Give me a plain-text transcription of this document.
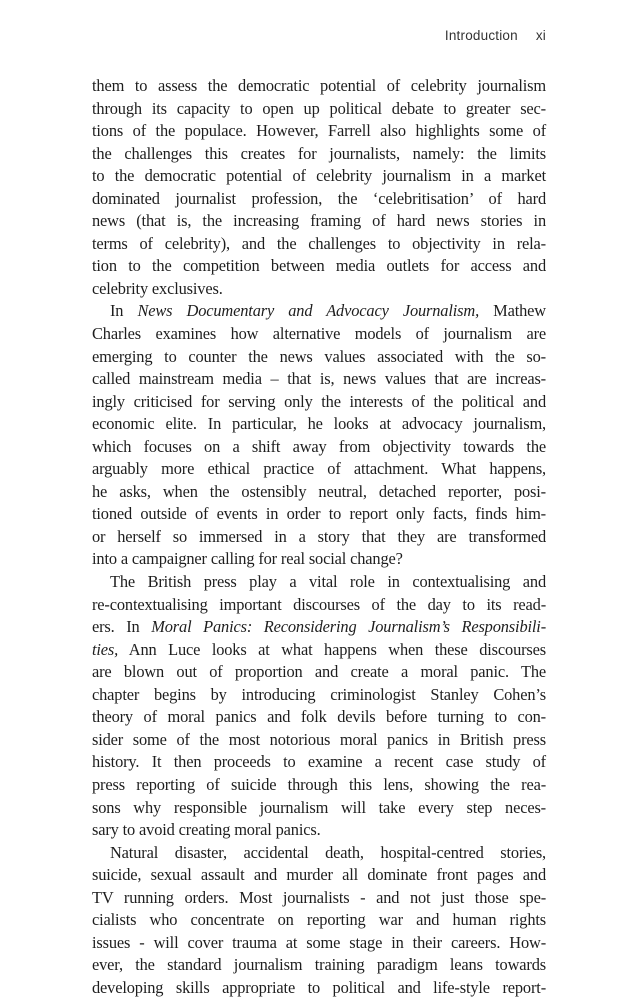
Introduction xi
them to assess the democratic potential of celebrity journalism
through its capacity to open up political debate to greater sec-
tions of the populace. However, Farrell also highlights some of
the challenges this creates for journalists, namely: the limits
to the democratic potential of celebrity journalism in a market
dominated journalist profession, the ‘celebritisation’ of hard
news (that is, the increasing framing of hard news stories in
terms of celebrity), and the challenges to objectivity in rela-
tion to the competition between media outlets for access and
celebrity exclusives.
In News Documentary and Advocacy Journalism, Mathew
Charles examines how alternative models of journalism are
emerging to counter the news values associated with the so-
called mainstream media – that is, news values that are increas-
ingly criticised for serving only the interests of the political and
economic elite. In particular, he looks at advocacy journalism,
which focuses on a shift away from objectivity towards the
arguably more ethical practice of attachment. What happens,
he asks, when the ostensibly neutral, detached reporter, posi-
tioned outside of events in order to report only facts, finds him-
or herself so immersed in a story that they are transformed
into a campaigner calling for real social change?
The British press play a vital role in contextualising and
re-contextualising important discourses of the day to its read-
ers. In Moral Panics: Reconsidering Journalism’s Responsibili-
ties, Ann Luce looks at what happens when these discourses
are blown out of proportion and create a moral panic. The
chapter begins by introducing criminologist Stanley Cohen’s
theory of moral panics and folk devils before turning to con-
sider some of the most notorious moral panics in British press
history. It then proceeds to examine a recent case study of
press reporting of suicide through this lens, showing the rea-
sons why responsible journalism will take every step neces-
sary to avoid creating moral panics.
Natural disaster, accidental death, hospital-centred stories,
suicide, sexual assault and murder all dominate front pages and
TV running orders. Most journalists - and not just those spe-
cialists who concentrate on reporting war and human rights
issues - will cover trauma at some stage in their careers. How-
ever, the standard journalism training paradigm leans towards
developing skills appropriate to political and life-style report-
